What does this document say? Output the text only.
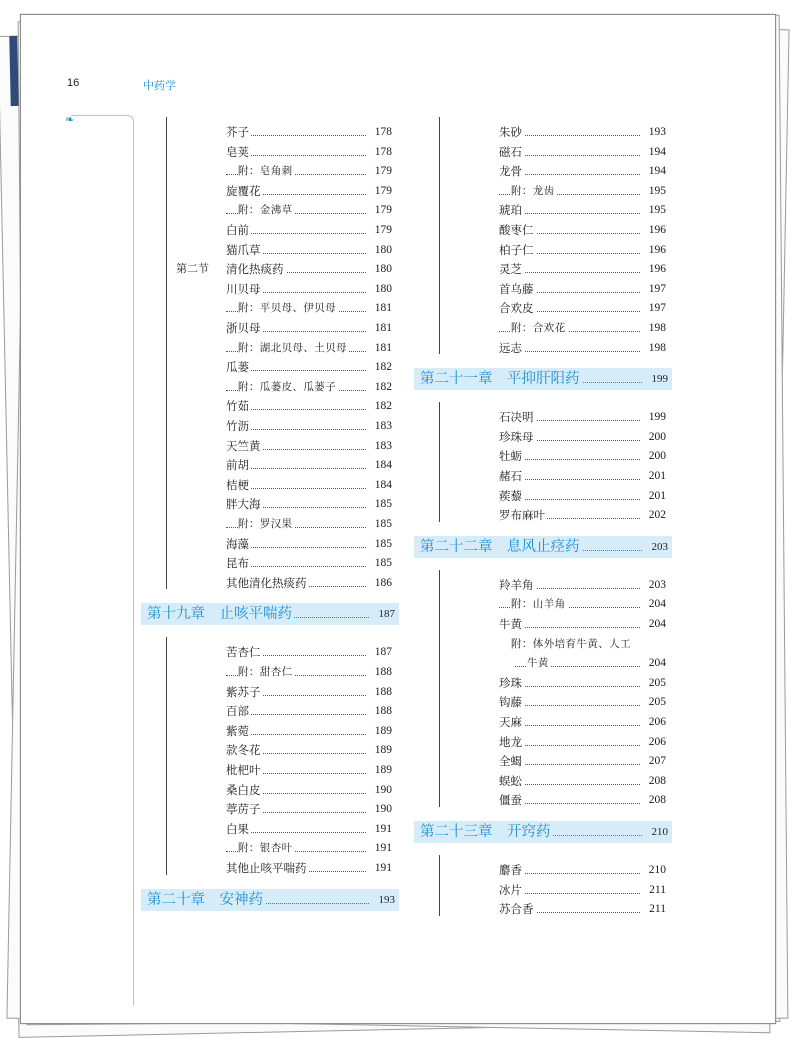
16	中药学
❧
芥子	178
皂荚	178
附：皂角刺	179
旋覆花	179
附：金沸草	179
白前	179
猫爪草	180
第二节 清化热痰药	180
川贝母	180
附：平贝母、伊贝母	181
浙贝母	181
附：湖北贝母、土贝母 181
瓜蒌	182
附：瓜蒌皮、瓜蒌子	182
竹茹	182
竹沥	183
天竺黄	183
前胡	184
桔梗	184
胖大海	185
附：罗汉果	185
海藻	185
昆布	185
其他清化热痰药	186
第十九章　止咳平喘药	187
苦杏仁	187
附：甜杏仁	188
紫苏子	188
百部	188
紫菀	189
款冬花	189
枇杷叶	189
桑白皮	190
葶苈子	190
白果	191
附：银杏叶	191
其他止咳平喘药	191
第二十章　安神药	193
朱砂	193
磁石	194
龙骨	194
附：龙齿	195
琥珀	195
酸枣仁	196
柏子仁	196
灵芝	196
首乌藤	197
合欢皮	197
附：合欢花	198
远志	198
第二十一章　平抑肝阳药	199
石决明	199
珍珠母	200
牡蛎	200
赭石	201
蒺藜	201
罗布麻叶	202
第二十二章　息风止痉药	203
羚羊角	203
附：山羊角	204
牛黄	204
附：体外培育牛黄、人工
牛黄	204
珍珠	205
钩藤	205
天麻	206
地龙	206
全蝎	207
蜈蚣	208
僵蚕	208
第二十三章　开窍药	210
麝香	210
冰片	211
苏合香	211
